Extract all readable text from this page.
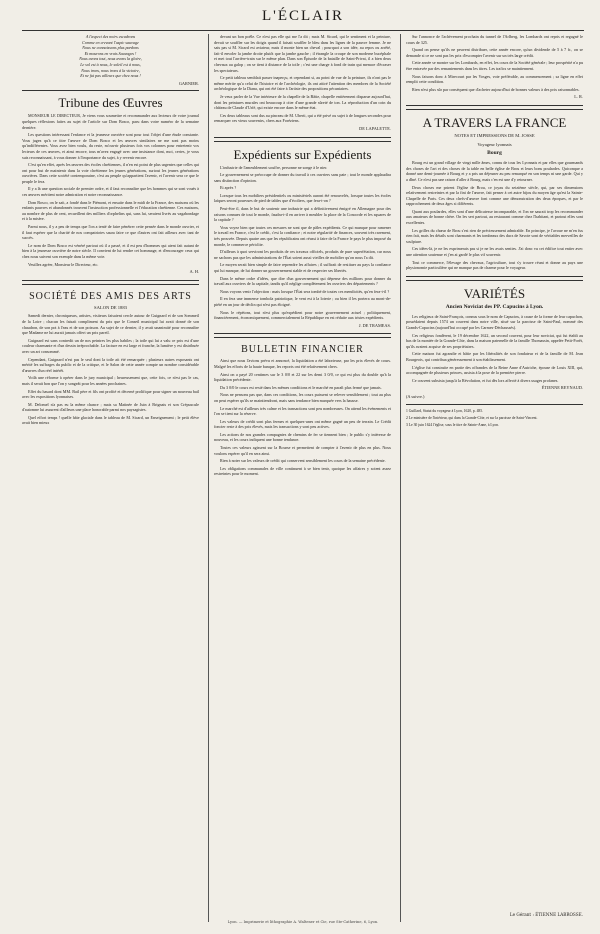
L'ÉCLAIR

A l'aspect des noirs escadrons

Comme en crevant l'aspic sauvage

Nous ne connaissons plus pardons

Et mourons en vrais Sauvages !

Nous avons tout, nous avons la gloire,

Le sol est à nous, le soleil est à nous,

Nous irons, nous irons à la victoire,

Et ne fut pas ailleurs que chez nous !

GARNIER.

Tribune des Œuvres

MONSIEUR LE DIRECTEUR, Je viens vous soumettre et recommander aux lecteurs de votre journal quelques réflexions faites au sujet de l'article sur Dom Bosco, paru dans votre numéro de la semaine dernière.

Les questions intéressant l'enfance et la jeunesse ouvrière sont pour tout l'objet d'une étude constante. Vous jugez qu'à ce titre l'œuvre de Dom Bosco et les œuvres similaires ne me sont pas moins qu'indifférentes. Vous avez bien voulu, du reste, m'ouvrir plusieurs fois vos colonnes pour entretenir vos lecteurs de ces œuvres, et ainsi encore, tous m'avez engagé avec une insistance dont, moi, certes, je vous suis reconnaissant, à vous donner à l'importance du sujet, à y revenir encore.

C'est qu'en effet, après les œuvres des écoles chrétiennes, il n'en est point de plus urgentes que celles qui ont pour but de maintenir dans la voie chrétienne les jeunes générations, surtout les jeunes générations ouvrières. Dans cette société contemporaine, c'est au peuple qu'appartient l'avenir, et l'avenir sera ce que le peuple le fera.

Il y a là une question sociale de premier ordre, et il faut reconnaître que les hommes qui se sont voués à ces œuvres méritent notre admiration et notre reconnaissance.

Dom Bosco, on le sait, a fondé dans le Piémont, et ensuite dans le midi de la France, des maisons où les enfants pauvres et abandonnés trouvent l'instruction professionnelle et l'éducation chrétienne. Ces maisons, au nombre de plus de cent, recueillent des milliers d'orphelins qui, sans lui, seraient livrés au vagabondage et à la misère.

Parmi nous, il y a peu de temps que l'on a tenté de faire pénétrer cette pensée dans le monde ouvrier, et il faut espérer que la charité de nos compatriotes saura faire ce que d'autres ont fait ailleurs avec tant de succès.

Le nom de Dom Bosco est vénéré partout où il a passé, et il est peu d'hommes qui aient fait autant de bien à la jeunesse ouvrière de notre siècle. Il convient de lui rendre cet hommage, et d'encourager ceux qui chez nous suivent son exemple dans la même voie.

Veuillez agréer, Monsieur le Directeur, etc.

A. H.

SOCIÉTÉ DES AMIS DES ARTS
SALON DE 1883

Samedi dernier, chroniqueurs, artistes, visiteurs faisaient cercle autour de Guignard et de son Sommeil de la Loire ; chacun les faisait compliment du prix que le Conseil municipal lui avait donné de son chaudron, de son pot à l'eau et de son poisson. Au sujet de ce dernier, il y avait unanimité pour reconnaître que Madame ne lui aurait jamais offert un prix pareil.

Guignard est sans contredit un de nos peintres les plus habiles ; la toile qui lui a valu ce prix est d'une couleur charmante et d'un dessin irréprochable. La facture en est large et franche, la lumière y est distribuée avec un art consommé.

Cependant, Guignard n'est pas le seul dont la toile ait été remarquée ; plusieurs autres exposants ont mérité les suffrages du public et de la critique, et le Salon de cette année compte un nombre considérable d'œuvres d'un réel intérêt.

Voilà une réforme à opérer dans le jury municipal ; heureusement que, cette fois, ce n'est pas le cas, mais il serait bon que l'on y songeât pour les années prochaines.

Effet du hasard dont MM. Bail père et fils ont profité et décerné prolifique pour signer un nouveau bail avec les expositions lyonnaises.

M. Delomel n'a pas eu la même chance ; mais sa Matinée de Juin à Brignais et son Crépuscule d'automne lui assurent d'ailleurs une place honorable parmi nos paysagistes.

Quel effort temps ! quelle hâte glaciale dans le tableau de M. Sicard, un Enseignement ; le petit élève avait bien mieux

devant un bon poêle. Ce n'est pas elle qui me l'a dit ; mais M. Sicard, qui le sentiment et la peinture, devait se souffler sur les doigts quand il faisait souffler le bleu dans les lignes de la pauvre femme. Je ne sais pas si M. Sicard est aviateur, mais il monte bien un cheval ; pourquoi a son idée, au repos ou arrêté, fait-il envoler la jambe droite plutôt que la jambe gauche ; il étrangle la croupe de son moderne bucéphale et met tout l'arrière-train sur le même plan. Dans son Épisode de la bataille de Saint-Privat, il a bien deux chevaux au galop ; on se tient à distance de la toile ; c'est une charge à fond de train qui menace d'écraser les spectateurs.

Ce petit tableau semblait passer inaperçu, et cependant si, au point de vue de la peinture, ils n'ont pas le même mérite qu'a celui de l'histoire et de l'archéologie, ils ont attiré l'attention des membres de la Société archéologique de la Diana, qui ont été faire à l'artiste des propositions pécuniaires.

Je veux parler de la Vue intérieure de la chapelle de la Bâtie, chapelle entièrement disparue aujourd'hui, dont les peintures murales ont beaucoup à citer d'une grande sûreté de ton. La réproduction d'un coin du château de Claude d'Urfé, qui existe encore dans le même état.

Ces deux tableaux sont dus au pinceau de M. Uberti, qui a été privé ou sujet à de longues secondes pour remarquer ces vieux souvenirs, chers aux Foréziens.

DE LAPALETTE.

Expédients sur Expédients

L'industrie de l'ameublement souffre, personne ne songe à le nier.

Le gouvernement se préoccupe de donner du travail à ces ouvriers sans paie ; tout le monde applaudira sans distinction d'opinion.

Et après ?

Lorsque tous les mobiliers présidentiels ou ministériels auront été renouvelés, lorsque toutes les écoles laïques seront pourvues de pied de tables que d'écoliers, que fera-t-on ?

Peut-être il, dans le but de soutenir une industrie qui a définitivement émigré en Allemagne pour des raisons connues de tout le monde, faudra-t-il en arriver à meubler la place de la Concorde et les squares de la capitale ?

Vous voyez bien que toutes ces mesures ne sont que de pâles expédients. Ce qui manque pour ramener le travail en France, c'est le crédit, c'est la confiance ; et notre régularité de finances, souvent très rarement, très prouvée. Depuis quatre ans que les républicains ont réussi à faire de la France le pays le plus imposé du monde, le commerce périclite.

D'ailleurs à quoi serviront les produits de ces travaux officiels, produits de pure superfétation, car nous ne sachons pas que les administrations de l'État soient aussi vieilles de mobilier qu'on nous l'a dit.

Le moyen serait bien simple de faire reprendre les affaires ; il suffirait de restituer au pays la confiance qui lui manque, de lui donner un gouvernement stable et de respecter ses libertés.

Dans le même ordre d'idées, que dire d'un gouvernement qui dépense des millions pour donner du travail aux ouvriers de la capitale, tandis qu'il néglige complètement les ouvriers des départements ?

Nous voyons venir l'objection : mais lorsque l'État sera tombé de toutes ces mendicités, qu'en fera-t-il ?

Il en fera une immense tombola patriotique, le vent est à la loterie ; ou bien il les portera au mont-de-piété en un jour de déclin qui n'est pas éloigné.

Nous le répétons, tout n'est plus qu'expédient pour notre gouvernement actuel ; politiquement, financièrement, économiquement, commercialement la République en est réduite aux tristes expédients.

J. DE TRAMEAS.

BULLETIN FINANCIER

Ainsi que nous l'avions prévu et annoncé, la liquidation a été laborieuse, par les prix élevés de cours. Malgré les efforts de la haute banque, les reports ont été relativement chers.

Ainsi on a payé 20 centimes sur le 3 0/0 et 22 sur les demi 3 0/0, ce qui est plus du double qu'à la liquidation précédente.

Du 3 0/0 le cours est resté dans les mêmes conditions et le marché en paraît plus fermé que jamais.

Nous ne pensons pas que, dans ces conditions, les cours puissent se relever sensiblement ; tout au plus on peut espérer qu'ils se maintiendront, mais sans tendance bien marquée vers la hausse.

Le marché est d'ailleurs très calme et les transactions sont peu nombreuses. On attend les événements et l'on se tient sur la réserve.

Les valeurs de crédit sont plus fermes et quelques-unes ont même gagné un peu de terrain. Le Crédit foncier reste à des prix élevés, mais les transactions y sont peu actives.

Les actions de nos grandes compagnies de chemins de fer se tiennent bien ; le public s'y intéresse de nouveau, et les cours indiquent une bonne tendance.

Toutes ces valeurs agissent sur la Bourse et permettent de compter à l'avenir de plus en plus. Nous voulons espérer qu'il en sera ainsi.

Rien à noter sur les valeurs de crédit qui conservent sensiblement les cours de la semaine précédente.

Les obligations communales de ville continuent à se bien tenir, quoique les affaires y soient assez restreintes pour le moment.

Sur l'annonce de l'achèvement prochain du tunnel de l'Arlberg, les Lombards ont repris et regagné le cours de 325.

Quand on pense qu'ils ne peuvent distribuer, cette année encore, qu'un dividende de 5 à 7 fr., on se demande si ce ne sont pas les prix d'escompter l'avenir sur un très large crédit.

Cette année se montre sur les Lombards, en effet, les cours de la Société générale ; leur prospérité n'a pu être entravée par des remaniements dans les titres. Les trafics se maintiennent.

Nous faisons donc à Mirecourt par les Vosges, voie préférable, au commencement ; sa ligne en effet remplit cette condition.

Rien n'est plus sûr par conséquent que d'acheter aujourd'hui de bonnes valeurs à des prix raisonnables.

L. R.

A TRAVERS LA FRANCE
NOTES ET IMPRESSIONS DE M. JOSSE
Voyageur lyonnais
Bourg

Bourg est un grand village de vingt mille âmes, connu de tous les Lyonnais et par elles que gourmands des choses de l'art et des choses de la table en belle église de Brou et leurs bons poulardes. Quiconque a donné une demi-journée à Bourg et y a pris un déjeuner au peu remarqué en son temps ni une garde. Qui y a dîné. Ce n'est pas une raison d'aller à Bourg, mais c'en est une d'y retourner.

Deux choses me prirent l'église de Brou, ce joyau du seizième siècle, qui, par ses dimensions relativement restreintes et par la fini de l'œuvre, fait penser à cet autre bijou du moyen âge qu'est la Sainte-Chapelle de Paris. Ces deux chefs-d'œuvre font comme une démonstration des deux époques, et par le rapprochement de deux âges si différents.

Quant aux poulardes, elles sont d'une délicatesse incomparable, et l'on ne saurait trop les recommander aux amateurs de bonne chère. On les sert partout, au restaurant comme chez l'habitant, et partout elles sont excellentes.

Les grilles du chœur de Brou s'est rien de précieusement admirable. En principe, je l'avoue ne m'en fus rien fait, mais les détails sont charmants et les tombeaux des ducs de Savoie sont de véritables merveilles de sculpture.

Ces idées-là, je ne les exprimerais pas si je ne les avais senties. J'ai donc vu cet édifice tout entier avec une attention soutenue et j'en ai gardé le plus vif souvenir.

Tout ce commerce, l'élevage des chevaux, l'agriculture, tout s'y trouve réuni et donne au pays une physionomie particulière qui ne manque pas de charme pour le voyageur.

VARIÉTÉS
Ancien Noviciat des PP. Capucins à Lyon.

Les religieux de Saint-François, connus sous le nom de Capucins, à cause de la forme de leur capuchon, possédaient depuis 1574 un couvent dans notre ville, situé sur la paroisse de Saint-Paul, nommé des Grands-Capucins (aujourd'hui occupé par les Carmes-Déchaussés).

Ces religieux fondèrent, le 19 décembre 1622, un second couvent, pour leur noviciat, qui fut établi au bas de la montée de la Grande-Côte, dans la maison paternelle de la famille Thomassin, appelée Petit-Forêt, qu'ils avaient acquise de ses propriétaires.

Cette maison fut agrandie et bâtie par les libéralités de son fondateur et de la famille de M. Jean Bourgeois, qui contribua généreusement à son établissement.

L'église fut construite en partie des offrandes de la Reine Anne d'Autriche, épouse de Louis XIII, qui, accompagnée de plusieurs princes, assista à la pose de la première pierre.

Ce couvent subsista jusqu'à la Révolution, et fut dès lors affecté à divers usages profanes.

ÉTIENNE REYNAUD.

(A suivre.)

1 Guillard, Statut du voyageur à Lyon, 1620, p. 485.

2 Le ministère de l'intérieur, qui dans la Grande-Côte, et sur la paroisse de Saint-Vincent.

3 Le 30 juin 1624 l'église, sous le titre de Sainte-Anne, à Lyon.

Le Gérant : ÉTIENNE LABROSSE.
Lyon. — Imprimerie et lithographie A. Waltener et Cie, rue Ste-Catherine, 6, Lyon.
